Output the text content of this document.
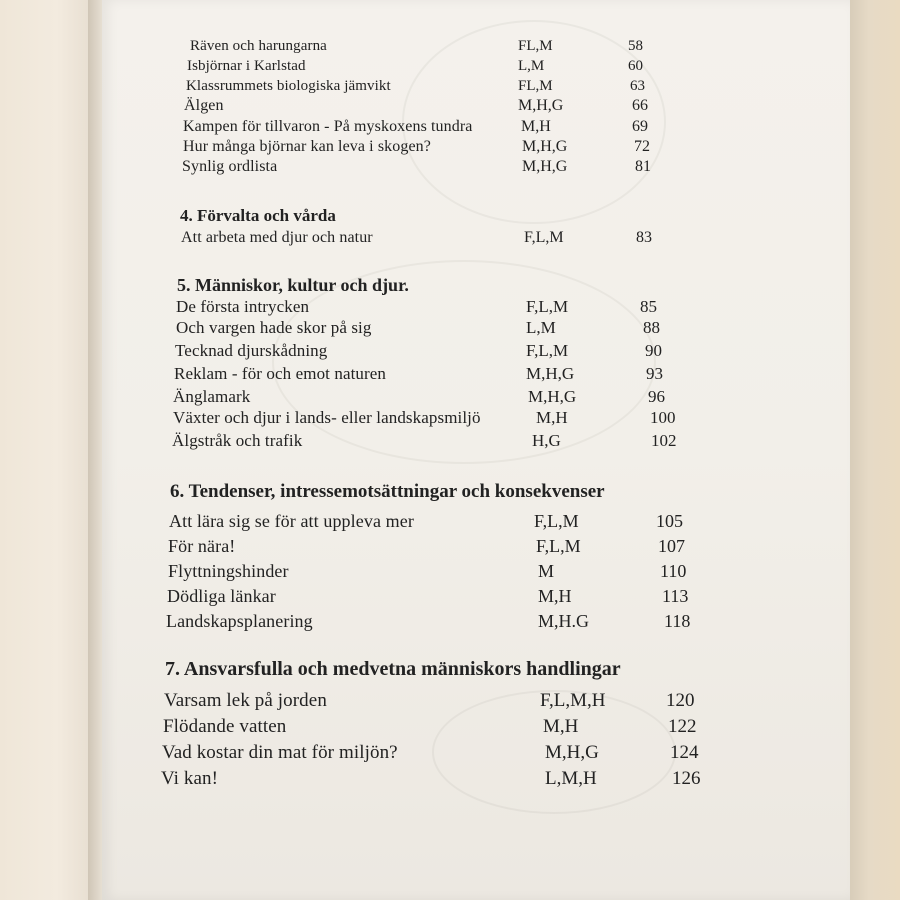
Räven och harungarna	FL,M	58
Isbjörnar i Karlstad	L,M	60
Klassrummets biologiska jämvikt	FL,M	63
Älgen	M,H,G	66
Kampen för tillvaron - På myskoxens tundra	M,H	69
Hur många björnar kan leva i skogen?	M,H,G	72
Synlig ordlista	M,H,G	81
4. Förvalta och vårda
Att arbeta med djur och natur	F,L,M	83
5. Människor, kultur och djur.
De första intrycken	F,L,M	85
Och vargen hade skor på sig	L,M	88
Tecknad djurskådning	F,L,M	90
Reklam - för och emot naturen	M,H,G	93
Änglamark	M,H,G	96
Växter och djur i lands- eller landskapsmiljö	M,H	100
Älgstråk och trafik	H,G	102
6. Tendenser, intressemotsättningar och konsekvenser
Att lära sig se för att uppleva mer	F,L,M	105
För nära!	F,L,M	107
Flyttningshinder	M	110
Dödliga länkar	M,H	113
Landskapsplanering	M,H.G	118
7. Ansvarsfulla och medvetna människors handlingar
Varsam lek på jorden	F,L,M,H	120
Flödande vatten	M,H	122
Vad kostar din mat för miljön?	M,H,G	124
Vi kan!	L,M,H	126
